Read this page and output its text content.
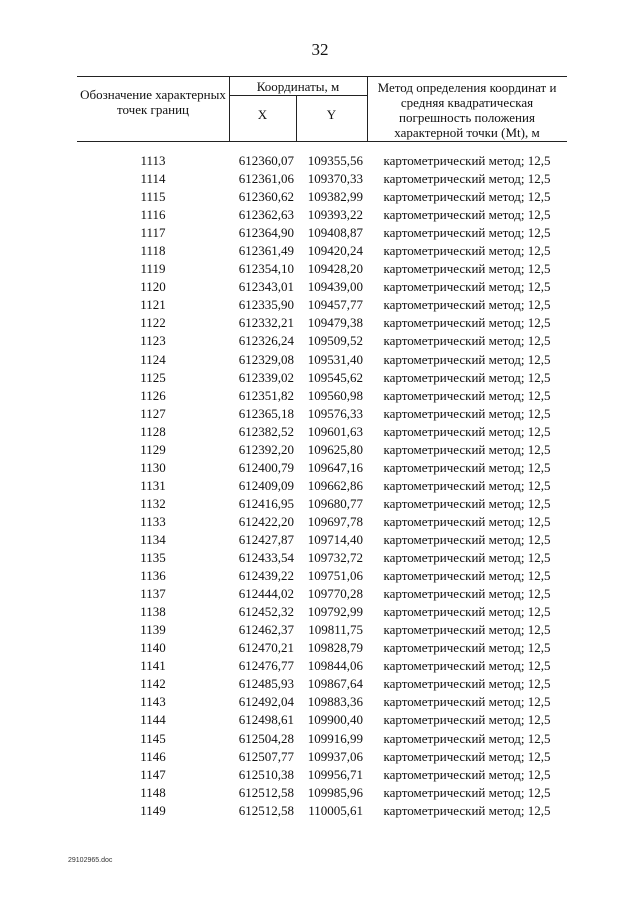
32
Обозначение характерных точек границ
Координаты, м
X	Y
Метод определения координат и средняя квадратическая погрешность положения характерной точки (Mt), м
1113	612360,07	109355,56	картометрический метод; 12,5
1114	612361,06	109370,33	картометрический метод; 12,5
1115	612360,62	109382,99	картометрический метод; 12,5
1116	612362,63	109393,22	картометрический метод; 12,5
1117	612364,90	109408,87	картометрический метод; 12,5
1118	612361,49	109420,24	картометрический метод; 12,5
1119	612354,10	109428,20	картометрический метод; 12,5
1120	612343,01	109439,00	картометрический метод; 12,5
1121	612335,90	109457,77	картометрический метод; 12,5
1122	612332,21	109479,38	картометрический метод; 12,5
1123	612326,24	109509,52	картометрический метод; 12,5
1124	612329,08	109531,40	картометрический метод; 12,5
1125	612339,02	109545,62	картометрический метод; 12,5
1126	612351,82	109560,98	картометрический метод; 12,5
1127	612365,18	109576,33	картометрический метод; 12,5
1128	612382,52	109601,63	картометрический метод; 12,5
1129	612392,20	109625,80	картометрический метод; 12,5
1130	612400,79	109647,16	картометрический метод; 12,5
1131	612409,09	109662,86	картометрический метод; 12,5
1132	612416,95	109680,77	картометрический метод; 12,5
1133	612422,20	109697,78	картометрический метод; 12,5
1134	612427,87	109714,40	картометрический метод; 12,5
1135	612433,54	109732,72	картометрический метод; 12,5
1136	612439,22	109751,06	картометрический метод; 12,5
1137	612444,02	109770,28	картометрический метод; 12,5
1138	612452,32	109792,99	картометрический метод; 12,5
1139	612462,37	109811,75	картометрический метод; 12,5
1140	612470,21	109828,79	картометрический метод; 12,5
1141	612476,77	109844,06	картометрический метод; 12,5
1142	612485,93	109867,64	картометрический метод; 12,5
1143	612492,04	109883,36	картометрический метод; 12,5
1144	612498,61	109900,40	картометрический метод; 12,5
1145	612504,28	109916,99	картометрический метод; 12,5
1146	612507,77	109937,06	картометрический метод; 12,5
1147	612510,38	109956,71	картометрический метод; 12,5
1148	612512,58	109985,96	картометрический метод; 12,5
1149	612512,58	110005,61	картометрический метод; 12,5
29102965.doc
